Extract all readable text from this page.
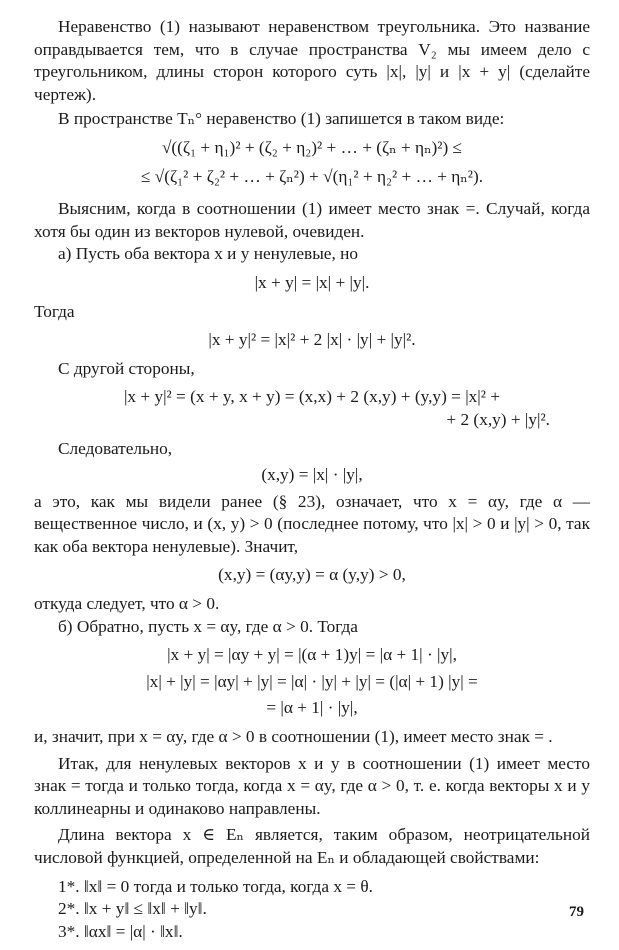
Неравенство (1) называют неравенством треугольника. Это название оправдывается тем, что в случае пространства V₂ мы имеем дело с треугольником, длины сторон которого суть |x|, |y| и |x + y| (сделайте чертеж).

В пространстве Tₙ° неравенство (1) запишется в таком виде:

√((ζ₁ + η₁)² + (ζ₂ + η₂)² + … + (ζₙ + ηₙ)²) ≤

≤ √(ζ₁² + ζ₂² + … + ζₙ²) + √(η₁² + η₂² + … + ηₙ²).

Выясним, когда в соотношении (1) имеет место знак =. Случай, когда хотя бы один из векторов нулевой, очевиден.

а) Пусть оба вектора x и y ненулевые, но

|x + y| = |x| + |y|.

Тогда

|x + y|² = |x|² + 2 |x| · |y| + |y|².

С другой стороны,

|x + y|² = (x + y, x + y) = (x,x) + 2 (x,y) + (y,y) = |x|² +

+ 2 (x,y) + |y|².

Следовательно,

(x,y) = |x| · |y|,

а это, как мы видели ранее (§ 23), означает, что x = αy, где α — вещественное число, и (x, y) > 0 (последнее потому, что |x| > 0 и |y| > 0, так как оба вектора ненулевые). Значит,

(x,y) = (αy,y) = α (y,y) > 0,

откуда следует, что α > 0.

б) Обратно, пусть x = αy, где α > 0. Тогда

|x + y| = |αy + y| = |(α + 1)y| = |α + 1| · |y|,

|x| + |y| = |αy| + |y| = |α| · |y| + |y| = (|α| + 1) |y| =

= |α + 1| · |y|,

и, значит, при x = αy, где α > 0 в соотношении (1), имеет место знак = .

Итак, для ненулевых векторов x и y в соотношении (1) имеет место знак = тогда и только тогда, когда x = αy, где α > 0, т. е. когда векторы x и y коллинеарны и одинаково направлены.

Длина вектора x ∈ Eₙ является, таким образом, неотрицательной числовой функцией, определенной на Eₙ и обладающей свойствами:

1*. ‖x‖ = 0 тогда и только тогда, когда x = θ.

2*. ‖x + y‖ ≤ ‖x‖ + ‖y‖.

3*. ‖αx‖ = |α| · ‖x‖.

79
